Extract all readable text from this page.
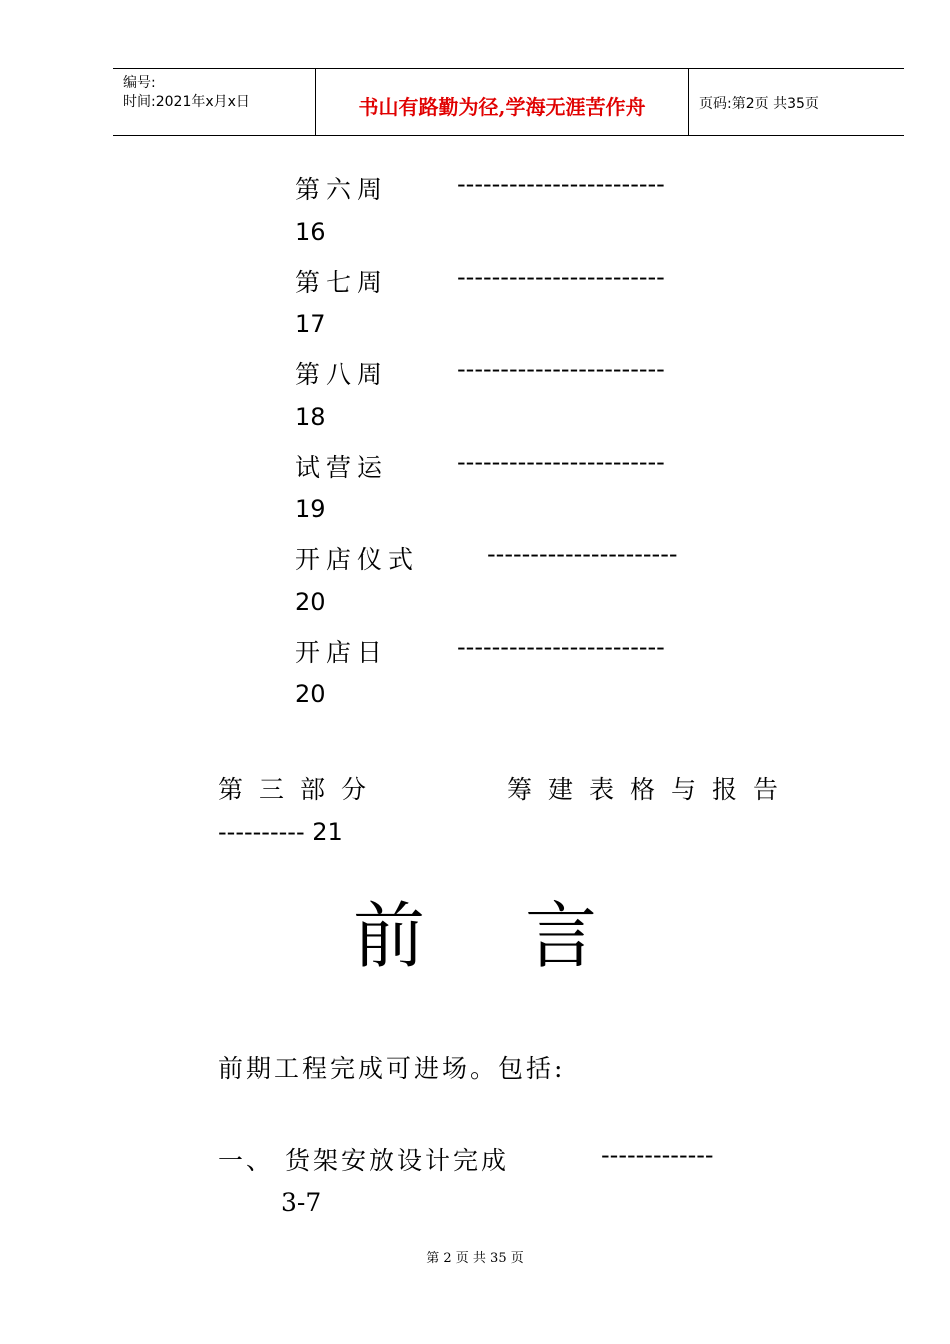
编号:
时间:2021年x月x日	书山有路勤为径,学海无涯苦作舟	页码:第2页 共35页
第六周	------------------------
16
第七周	------------------------
17
第八周	------------------------
18
试营运	------------------------
19
开店仪式	----------------------
20
开店日	------------------------
20
第三部分	筹建表格与报告
---------- 21
前 言
前期工程完成可进场。包括:
一、 货架安放设计完成	-------------
3-7
第 2 页 共 35 页
